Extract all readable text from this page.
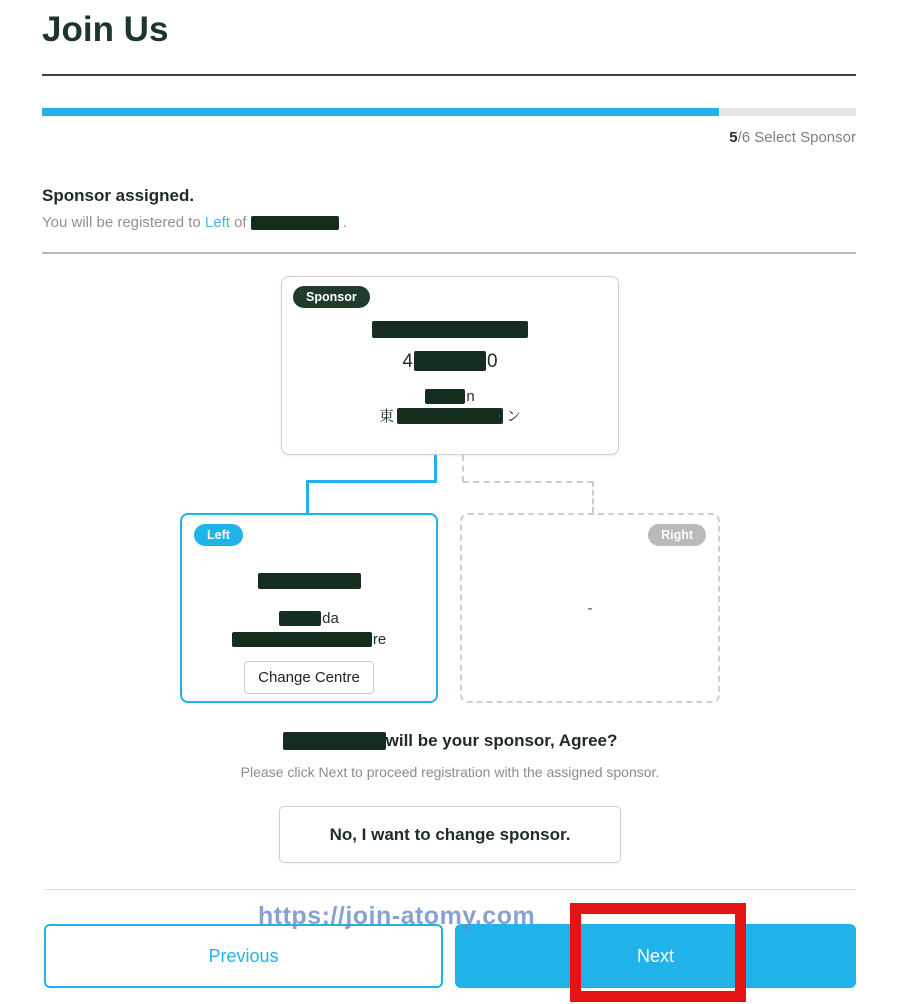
Join Us
5/6 Select Sponsor
Sponsor assigned.
You will be registered to Left of	.
Sponsor
4	0
n
東	ン
Left
da
re
Change Centre
Right
-
will be your sponsor, Agree?
Please click Next to proceed registration with the assigned sponsor.
No, I want to change sponsor.
Previous	Next
https://join-atomy.com
